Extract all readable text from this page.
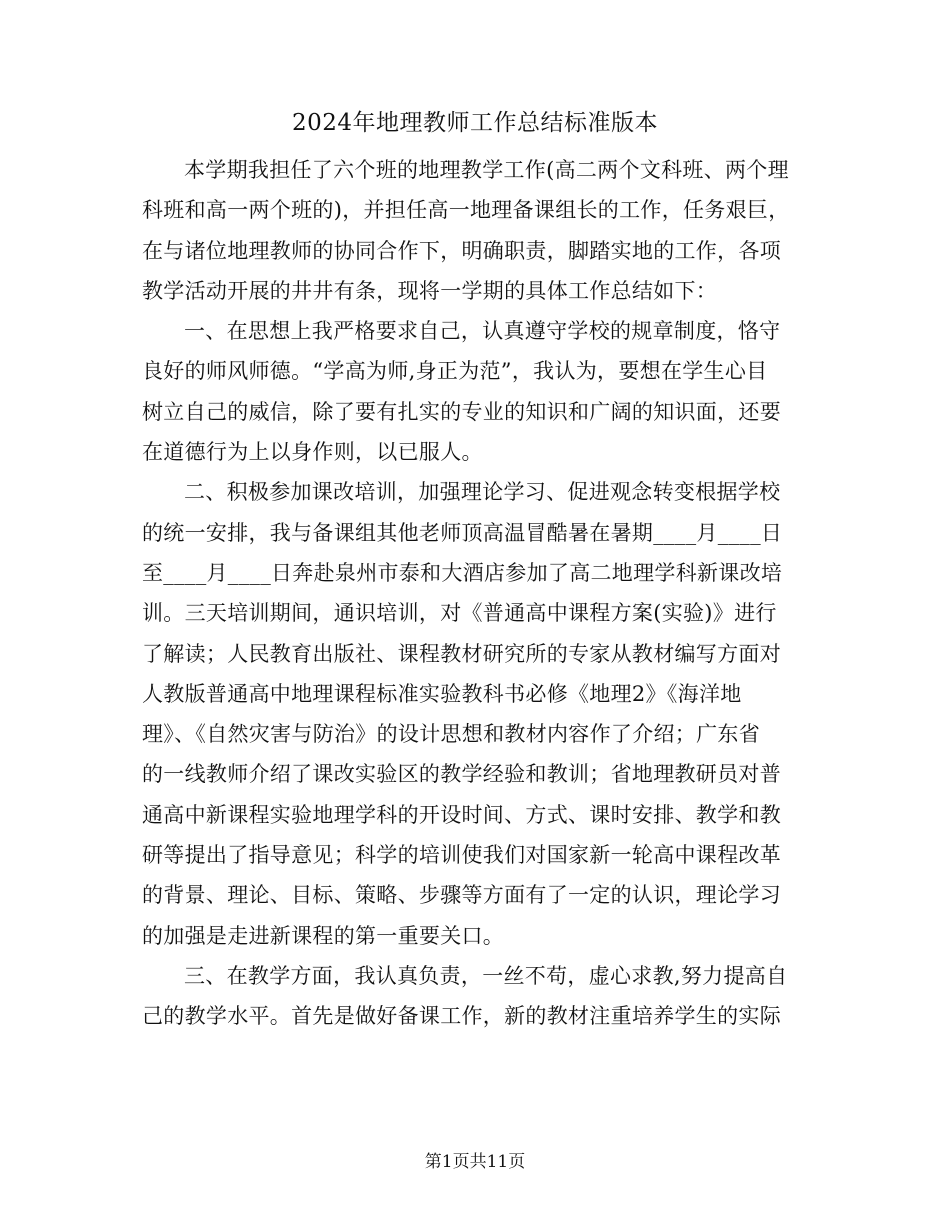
2024年地理教师工作总结标准版本
本学期我担任了六个班的地理教学工作(高二两个文科班、两个理
科班和高一两个班的)，并担任高一地理备课组长的工作，任务艰巨，
在与诸位地理教师的协同合作下，明确职责，脚踏实地的工作，各项
教学活动开展的井井有条，现将一学期的具体工作总结如下：
一、在思想上我严格要求自己，认真遵守学校的规章制度，恪守
良好的师风师德。“学高为师,身正为范”，我认为，要想在学生心目
树立自己的威信，除了要有扎实的专业的知识和广阔的知识面，还要
在道德行为上以身作则，以已服人。
二、积极参加课改培训，加强理论学习、促进观念转变根据学校
的统一安排，我与备课组其他老师顶高温冒酷暑在暑期____月____日
至____月____日奔赴泉州市泰和大酒店参加了高二地理学科新课改培
训。三天培训期间，通识培训，对《普通高中课程方案(实验)》进行
了解读；人民教育出版社、课程教材研究所的专家从教材编写方面对
人教版普通高中地理课程标准实验教科书必修《地理2》《海洋地
理》、《自然灾害与防治》的设计思想和教材内容作了介绍；广东省
的一线教师介绍了课改实验区的教学经验和教训；省地理教研员对普
通高中新课程实验地理学科的开设时间、方式、课时安排、教学和教
研等提出了指导意见；科学的培训使我们对国家新一轮高中课程改革
的背景、理论、目标、策略、步骤等方面有了一定的认识，理论学习
的加强是走进新课程的第一重要关口。
三、在教学方面，我认真负责，一丝不苟，虚心求教,努力提高自
己的教学水平。首先是做好备课工作，新的教材注重培养学生的实际
第1页共11页
